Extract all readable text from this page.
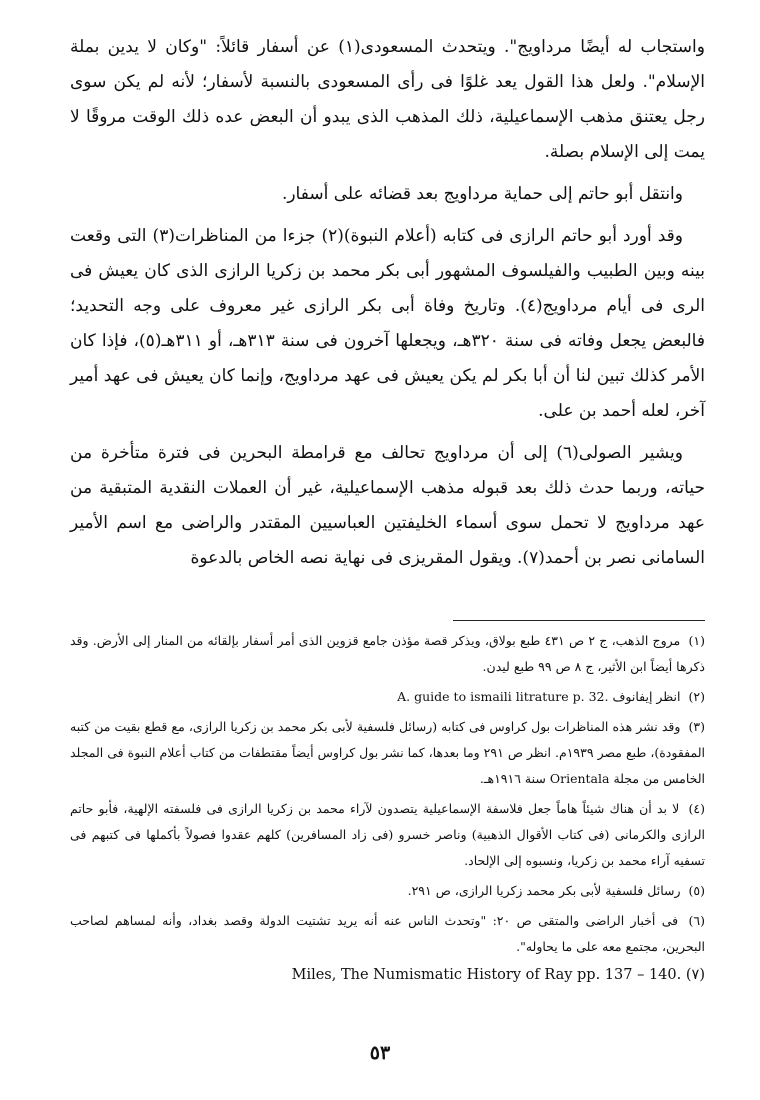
واستجاب له أيضًا مرداويج". ويتحدث المسعودى(١) عن أسفار قائلاً: "وكان لا يدين بملة الإسلام". ولعل هذا القول يعد غلوًا فى رأى المسعودى بالنسبة لأسفار؛ لأنه لم يكن سوى رجل يعتنق مذهب الإسماعيلية، ذلك المذهب الذى يبدو أن البعض عده ذلك الوقت مروقًا لا يمت إلى الإسلام بصلة.

وانتقل أبو حاتم إلى حماية مرداويج بعد قضائه على أسفار.

وقد أورد أبو حاتم الرازى فى كتابه (أعلام النبوة)(٢) جزءا من المناظرات(٣) التى وقعت بينه وبين الطبيب والفيلسوف المشهور أبى بكر محمد بن زكريا الرازى الذى كان يعيش فى الرى فى أيام مرداويج(٤). وتاريخ وفاة أبى بكر الرازى غير معروف على وجه التحديد؛ فالبعض يجعل وفاته فى سنة ٣٢٠هـ، ويجعلها آخرون فى سنة ٣١٣هـ، أو ٣١١هـ(٥)، فإذا كان الأمر كذلك تبين لنا أن أبا بكر لم يكن يعيش فى عهد مرداويج، وإنما كان يعيش فى عهد أمير آخر، لعله أحمد بن على.

ويشير الصولى(٦) إلى أن مرداويج تحالف مع قرامطة البحرين فى فترة متأخرة من حياته، وربما حدث ذلك بعد قبوله مذهب الإسماعيلية، غير أن العملات النقدية المتبقية من عهد مرداويج لا تحمل سوى أسماء الخليفتين العباسيين المقتدر والراضى مع اسم الأمير السامانى نصر بن أحمد(٧). ويقول المقريزى فى نهاية نصه الخاص بالدعوة

(١) مروج الذهب، ج ٢ ص ٤٣١ طبع بولاق، ويذكر قصة مؤذن جامع قزوين الذى أمر أسفار بإلقائه من المنار إلى الأرض. وقد ذكرها أيضاً ابن الأثير، ج ٨ ص ٩٩ طبع ليدن.

(٢) انظر إيفانوف A. guide to ismaili litrature p. 32.

(٣) وقد نشر هذه المناظرات بول كراوس فى كتابه (رسائل فلسفية لأبى بكر محمد بن زكريا الرازى، مع قطع بقيت من كتبه المفقودة)، طبع مصر ١٩٣٩م. انظر ص ٢٩١ وما بعدها، كما نشر بول كراوس أيضاً مقتطفات من كتاب أعلام النبوة فى المجلد الخامس من مجلة Orientala سنة ١٩١٦هـ.

(٤) لا بد أن هناك شيئاً هاماً جعل فلاسفة الإسماعيلية يتصدون لآراء محمد بن زكريا الرازى فى فلسفته الإلهية، فأبو حاتم الرازى والكرمانى (فى كتاب الأقوال الذهبية) وناصر خسرو (فى زاد المسافرين) كلهم عقدوا فصولاً بأكملها فى كتبهم فى تسفيه آراء محمد بن زكريا، ونسبوه إلى الإلحاد.

(٥) رسائل فلسفية لأبى بكر محمد زكريا الرازى، ص ٢٩١.

(٦) فى أخبار الراضى والمتقى ص ٢٠: "وتحدث الناس عنه أنه يريد تشتيت الدولة وقصد بغداد، وأنه لمساهم لصاحب البحرين، مجتمع معه على ما يحاوله".

Miles, The Numismatic History of Ray pp. 137 – 140. (٧)

٥٣
